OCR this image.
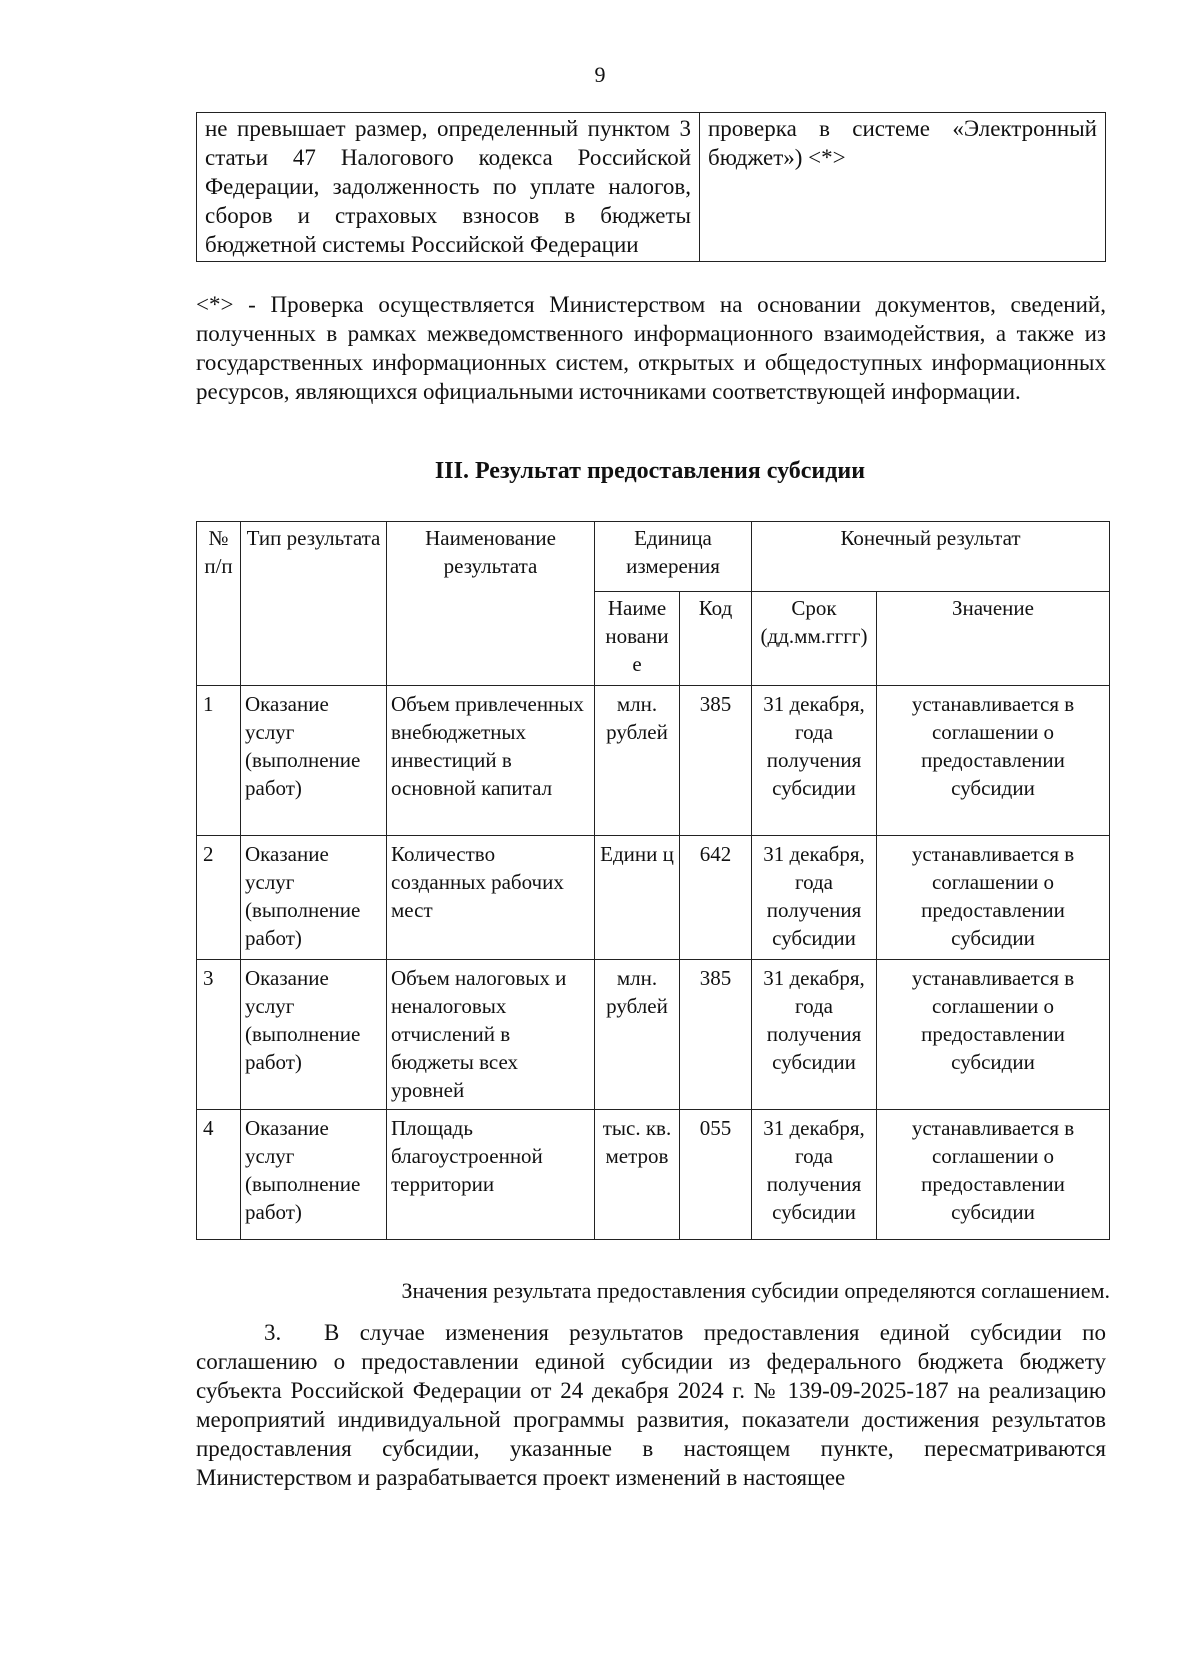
9
не превышает размер, определенный пунктом 3 статьи 47 Налогового кодекса Российской Федерации, задолженность по уплате налогов, сборов и страховых взносов в бюджеты бюджетной системы Российской Федерации	проверка в системе «Электронный бюджет») <*>
<*> - Проверка осуществляется Министерством на основании документов, сведений, полученных в рамках межведомственного информационного взаимодействия, а также из государственных информационных систем, открытых и общедоступных информационных ресурсов, являющихся официальными источниками соответствующей информации.
III. Результат предоставления субсидии
№ п/п	Тип результата	Наименование результата	Единица измерения		Конечный результат	
			Наиме новани е	Код	Срок (дд.мм.гггг)	Значение
1	Оказание услуг (выполнение работ)	Объем привлеченных внебюджетных инвестиций в основной капитал	млн. рублей	385	31 декабря, года получения субсидии	устанавливается в соглашении о предоставлении субсидии
2	Оказание услуг (выполнение работ)	Количество созданных рабочих мест	Едини ц	642	31 декабря, года получения субсидии	устанавливается в соглашении о предоставлении субсидии
3	Оказание услуг (выполнение работ)	Объем налоговых и неналоговых отчислений в бюджеты всех уровней	млн. рублей	385	31 декабря, года получения субсидии	устанавливается в соглашении о предоставлении субсидии
4	Оказание услуг (выполнение работ)	Площадь благоустроенной территории	тыс. кв. метров	055	31 декабря, года получения субсидии	устанавливается в соглашении о предоставлении субсидии
Значения результата предоставления субсидии определяются соглашением.
3. В случае изменения результатов предоставления единой субсидии по соглашению о предоставлении единой субсидии из федерального бюджета бюджету субъекта Российской Федерации от 24 декабря 2024 г. № 139-09-2025-187 на реализацию мероприятий индивидуальной программы развития, показатели достижения результатов предоставления субсидии, указанные в настоящем пункте, пересматриваются Министерством и разрабатывается проект изменений в настоящее
